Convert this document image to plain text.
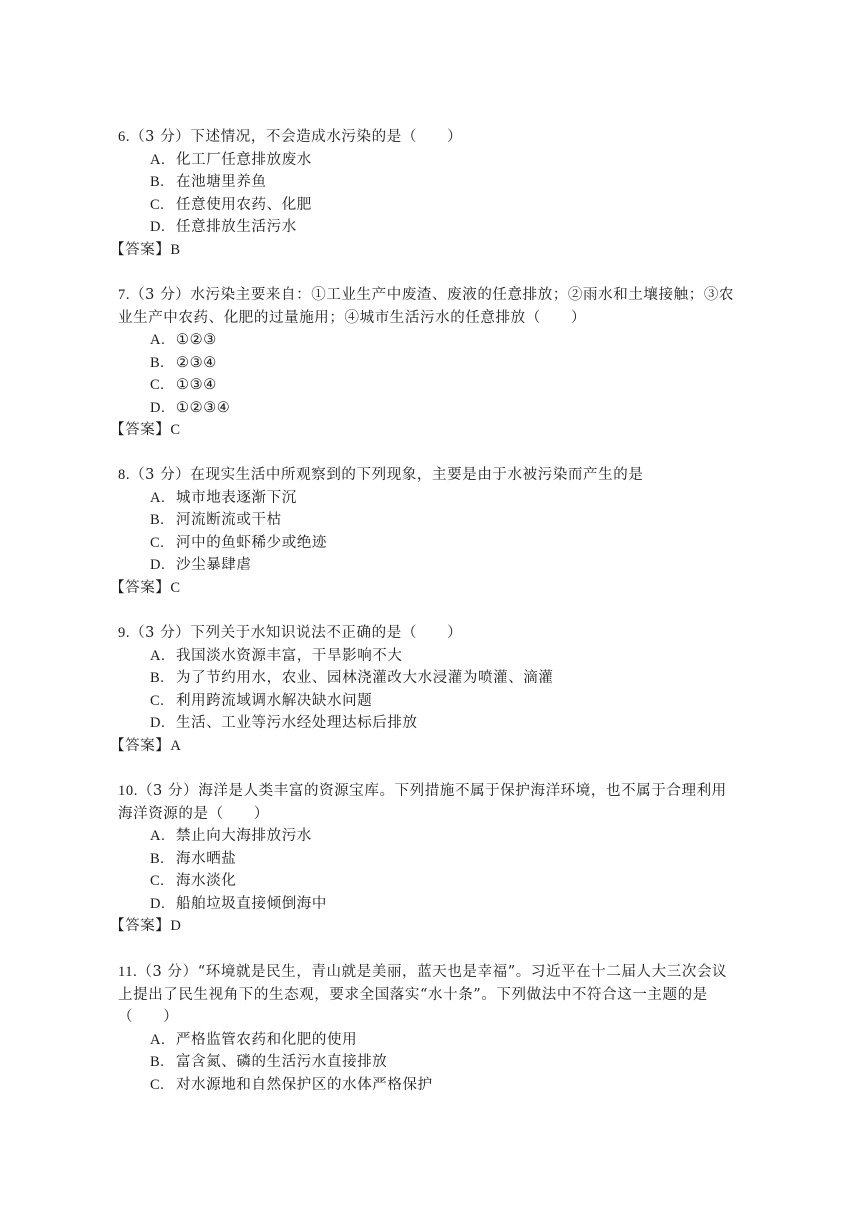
6.（3 分）下述情况，不会造成水污染的是（　　）

A. 化工厂任意排放废水
B. 在池塘里养鱼
C. 任意使用农药、化肥
D. 任意排放生活污水
【答案】B

7.（3 分）水污染主要来自：①工业生产中废渣、废液的任意排放；②雨水和土壤接触；③农业生产中农药、化肥的过量施用；④城市生活污水的任意排放（　　）

A. ①②③
B. ②③④
C. ①③④
D. ①②③④
【答案】C

8.（3 分）在现实生活中所观察到的下列现象，主要是由于水被污染而产生的是

A. 城市地表逐渐下沉
B. 河流断流或干枯
C. 河中的鱼虾稀少或绝迹
D. 沙尘暴肆虐
【答案】C

9.（3 分）下列关于水知识说法不正确的是（　　）

A. 我国淡水资源丰富，干旱影响不大
B. 为了节约用水，农业、园林浇灌改大水浸灌为喷灌、滴灌
C. 利用跨流域调水解决缺水问题
D. 生活、工业等污水经处理达标后排放
【答案】A

10.（3 分）海洋是人类丰富的资源宝库。下列措施不属于保护海洋环境，也不属于合理利用海洋资源的是（　　）

A. 禁止向大海排放污水
B. 海水晒盐
C. 海水淡化
D. 船舶垃圾直接倾倒海中
【答案】D

11.（3 分）“环境就是民生，青山就是美丽，蓝天也是幸福”。习近平在十二届人大三次会议上提出了民生视角下的生态观，要求全国落实“水十条”。下列做法中不符合这一主题的是（　　）

A. 严格监管农药和化肥的使用
B. 富含氮、磷的生活污水直接排放
C. 对水源地和自然保护区的水体严格保护
